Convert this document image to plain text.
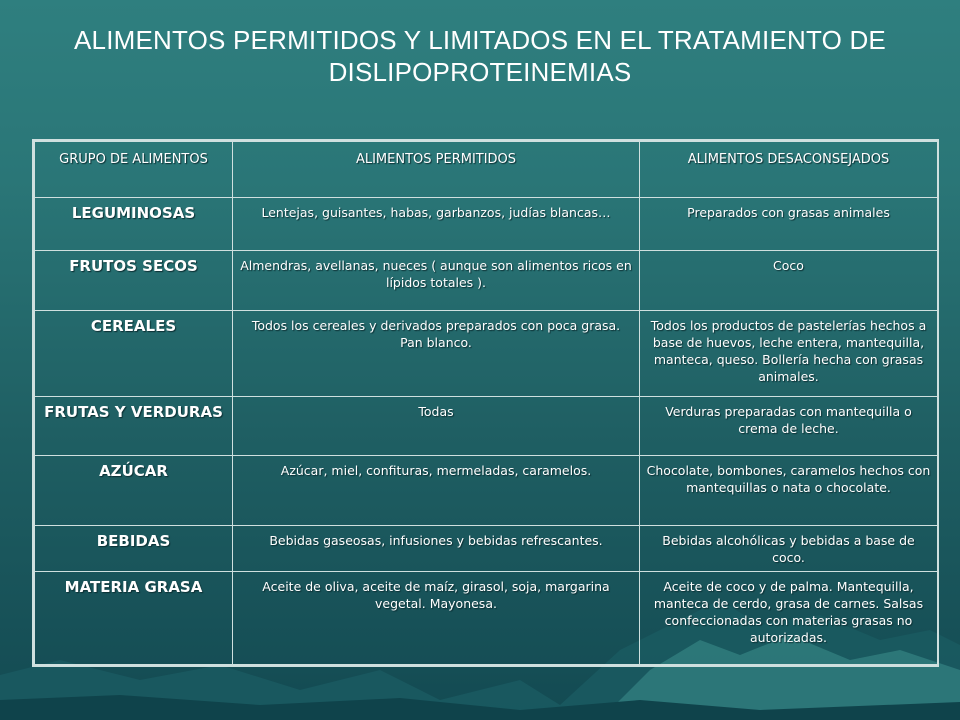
ALIMENTOS PERMITIDOS Y LIMITADOS EN EL TRATAMIENTO DE DISLIPOPROTEINEMIAS
GRUPO DE ALIMENTOS	ALIMENTOS PERMITIDOS	ALIMENTOS DESACONSEJADOS
LEGUMINOSAS	Lentejas, guisantes, habas, garbanzos, judías blancas…	Preparados con grasas animales
FRUTOS SECOS	Almendras, avellanas, nueces ( aunque son alimentos ricos en lípidos totales ).	Coco
CEREALES	Todos los cereales y derivados preparados con poca grasa. Pan blanco.	Todos los productos de pastelerías hechos a base de huevos, leche entera, mantequilla, manteca, queso. Bollería hecha con grasas animales.
FRUTAS Y VERDURAS	Todas	Verduras preparadas con mantequilla o crema de leche.
AZÚCAR	Azúcar, miel, confituras, mermeladas, caramelos.	Chocolate, bombones, caramelos hechos con mantequillas o nata o chocolate.
BEBIDAS	Bebidas gaseosas, infusiones y bebidas refrescantes.	Bebidas alcohólicas y bebidas a base de coco.
MATERIA GRASA	Aceite de oliva, aceite de maíz, girasol, soja, margarina vegetal. Mayonesa.	Aceite de coco y de palma. Mantequilla, manteca de cerdo, grasa de carnes. Salsas confeccionadas con materias grasas no autorizadas.
